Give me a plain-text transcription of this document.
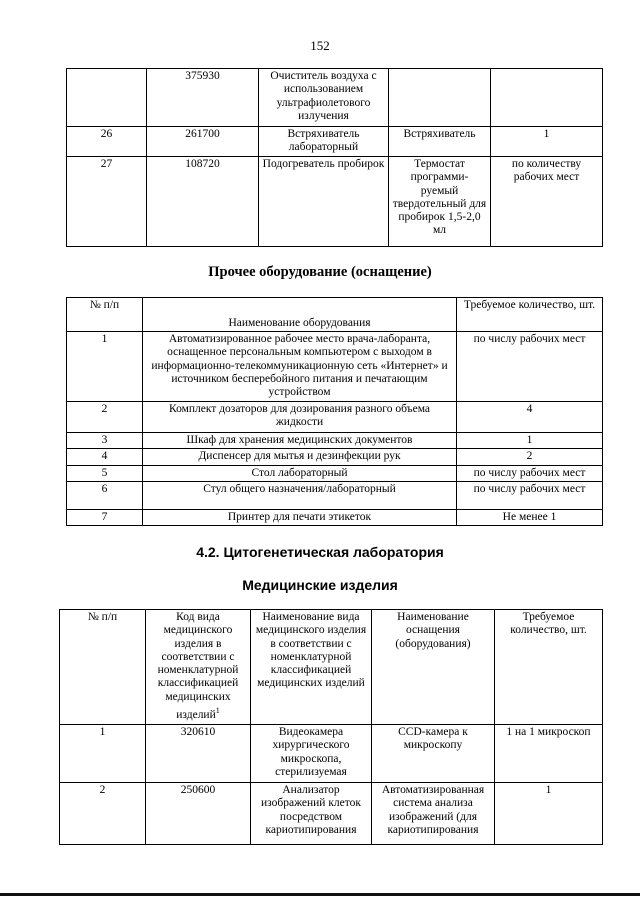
152
	375930	Очиститель воздуха с использованием ультрафиолетового излучения		
26	261700	Встряхиватель лабораторный	Встряхиватель	1
27	108720	Подогреватель пробирок	Термостат программи-руемый твердотельный для пробирок 1,5-2,0 мл	по количеству рабочих мест
Прочее оборудование (оснащение)
№ п/п	Наименование оборудования	Требуемое количество, шт.
1	Автоматизированное рабочее место врача-лаборанта, оснащенное персональным компьютером с выходом в информационно-телекоммуникационную сеть «Интернет» и источником бесперебойного питания и печатающим устройством	по числу рабочих мест
2	Комплект дозаторов для дозирования разного объема жидкости	4
3	Шкаф для хранения медицинских документов	1
4	Диспенсер для мытья и дезинфекции рук	2
5	Стол лабораторный	по числу рабочих мест
6	Стул общего назначения/лабораторный	по числу рабочих мест
7	Принтер для печати этикеток	Не менее 1
4.2. Цитогенетическая лаборатория
Медицинские изделия
№ п/п	Код вида медицинского изделия в соответствии с номенклатурной классификацией медицинских изделий$^1$	Наименование вида медицинского изделия в соответствии с номенклатурной классификацией медицинских изделий	Наименование оснащения (оборудования)	Требуемое количество, шт.
1	320610	Видеокамера хирургического микроскопа, стерилизуемая	CCD-камера к микроскопу	1 на 1 микроскоп
2	250600	Анализатор изображений клеток посредством кариотипирования	Автоматизированная система анализа изображений (для кариотипирования	1
